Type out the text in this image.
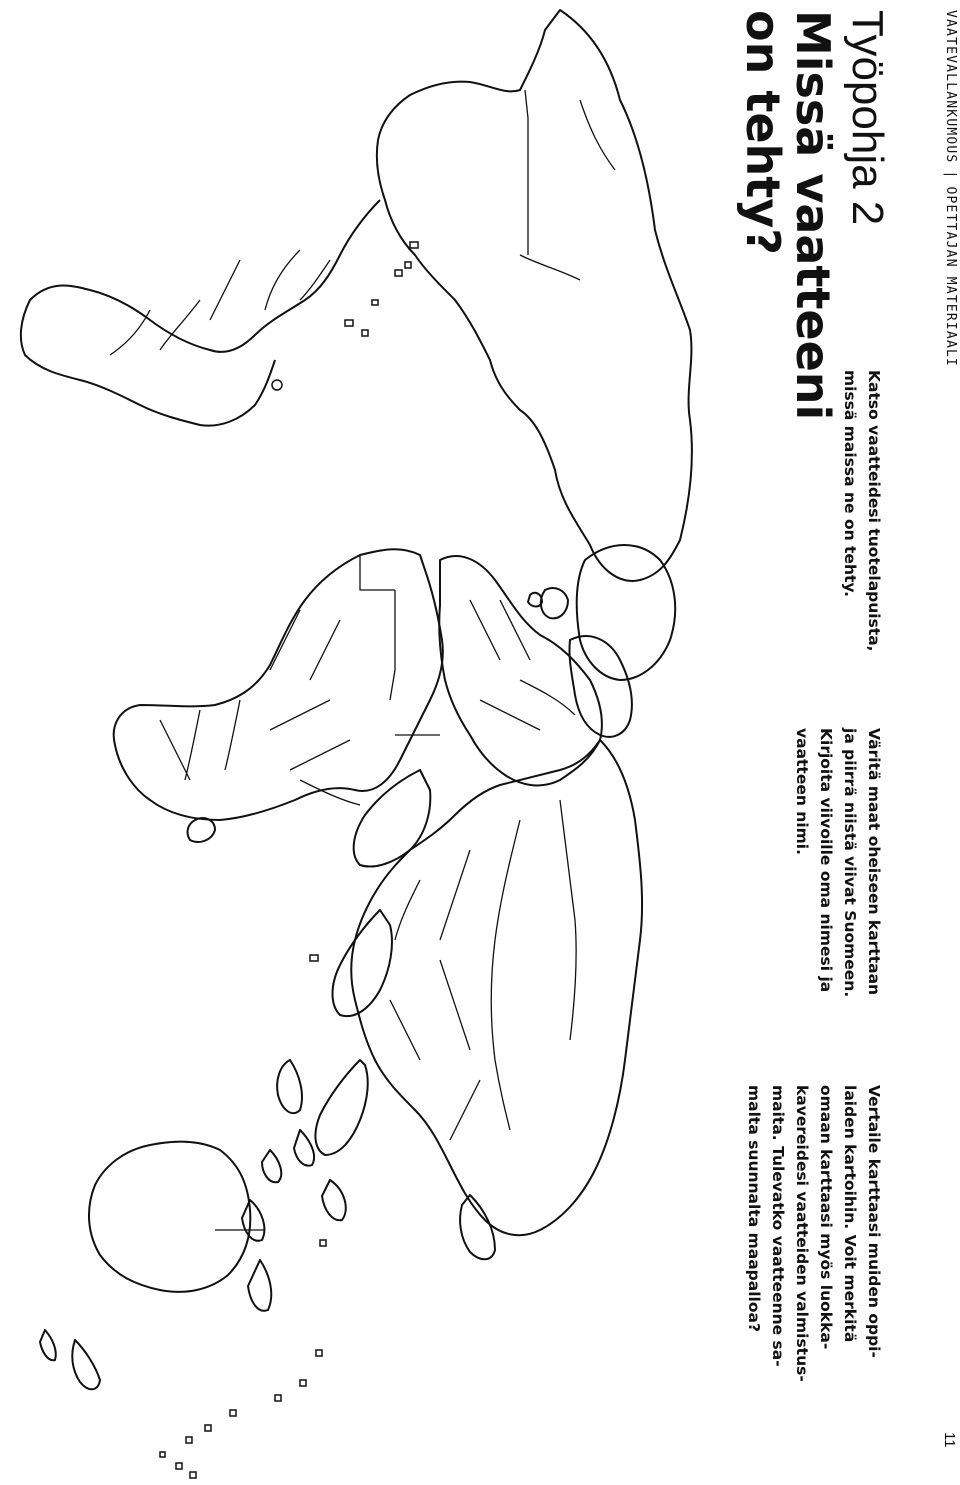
VAATEVALLANKUMOUS|OPETTAJAN MATERIAALI
11
Työpohja 2
Missä vaatteeni
on tehty?
Katso vaatteidesi tuotelapuista,
missä maissa ne on tehty.
Väritä maat oheiseen karttaan
ja piirrä niistä viivat Suomeen.
Kirjoita viivoille oma nimesi ja
vaatteen nimi.
Vertaile karttaasi muiden oppi-
laiden kartoihin. Voit merkitä
omaan karttaasi myös luokka-
kavereidesi vaatteiden valmistus-
maita. Tulevatko vaatteenne sa-
malta suunnalta maapalloa?
